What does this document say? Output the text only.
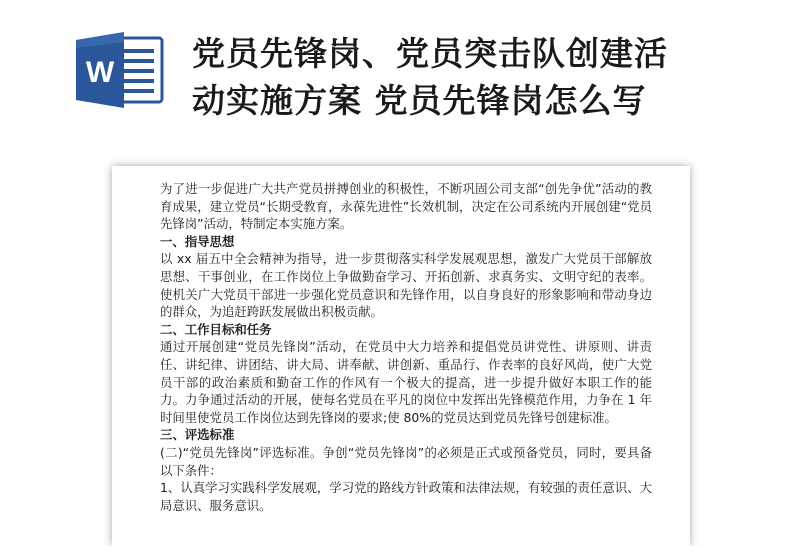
W 党员先锋岗、党员突击队创建活
动实施方案 党员先锋岗怎么写

为了进一步促进广大共产党员拼搏创业的积极性，不断巩固公司支部“创先争优”活动的教育成果，建立党员“长期受教育，永葆先进性”长效机制，决定在公司系统内开展创建“党员先锋岗”活动，特制定本实施方案。

一、指导思想

以 xx 届五中全会精神为指导，进一步贯彻落实科学发展观思想，激发广大党员干部解放思想、干事创业，在工作岗位上争做勤奋学习、开拓创新、求真务实、文明守纪的表率。使机关广大党员干部进一步强化党员意识和先锋作用，以自身良好的形象影响和带动身边的群众，为追赶跨跃发展做出积极贡献。

二、工作目标和任务

通过开展创建“党员先锋岗”活动，在党员中大力培养和提倡党员讲党性、讲原则、讲责任、讲纪律、讲团结、讲大局、讲奉献、讲创新、重品行、作表率的良好风尚，使广大党员干部的政治素质和勤奋工作的作风有一个极大的提高，进一步提升做好本职工作的能力。力争通过活动的开展，使每名党员在平凡的岗位中发挥出先锋模范作用，力争在 1 年时间里使党员工作岗位达到先锋岗的要求;使 80%的党员达到党员先锋号创建标准。

三、评选标准

(二)“党员先锋岗”评选标准。争创“党员先锋岗”的必须是正式或预备党员，同时，要具备以下条件：

1、认真学习实践科学发展观，学习党的路线方针政策和法律法规，有较强的责任意识、大局意识、服务意识。
